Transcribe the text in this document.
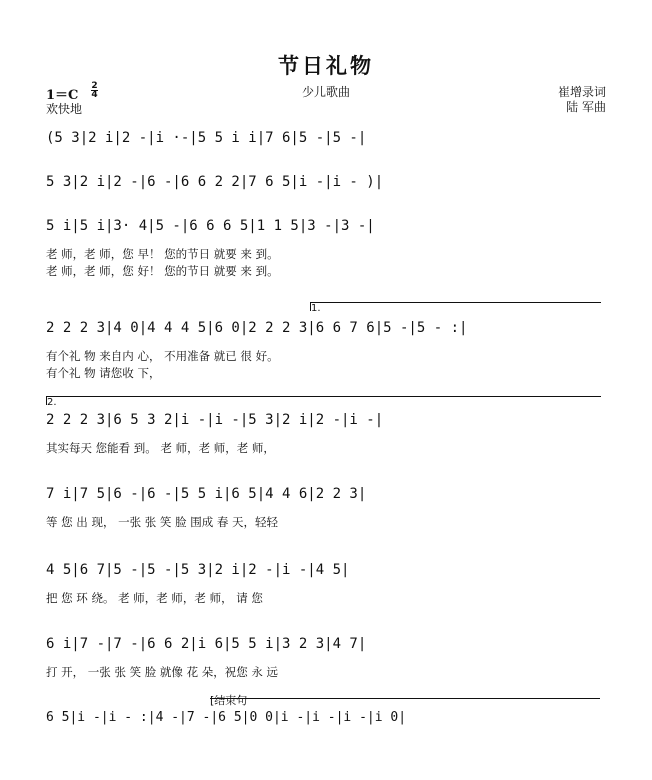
节日礼物
少儿歌曲
1＝C
2
4
欢快地
崔增录词
陆 军曲
(5 3|2 i|2 -|i ·-|5 5 i i|7 6|5 -|5 -|
5 3|2 i|2 -|6 -|6 6 2 2|7 6 5|i -|i - )|
5 i|5 i|3· 4|5 -|6 6 6 5|1 1 5|3 -|3 -|
老 师，老 师，您 早！ 您的节日 就要 来 到。
老 师，老 师，您 好！ 您的节日 就要 来 到。
1.
2 2 2 3|4 0|4 4 4 5|6 0|2 2 2 3|6 6 7 6|5 -|5 - :|
有个礼 物 来自内 心， 不用准备 就已 很 好。
有个礼 物 请您收 下，
2.
2 2 2 3|6 5 3 2|i -|i -|5 3|2 i|2 -|i -|
其实每天 您能看 到。 老 师，老 师，老 师，
7 i|7 5|6 -|6 -|5 5 i|6 5|4 4 6|2 2 3|
等 您 出 现， 一张 张 笑 脸 围成 春 天，轻轻
4 5|6 7|5 -|5 -|5 3|2 i|2 -|i -|4 5|
把 您 环 绕。 老 师，老 师，老 师， 请 您
6 i|7 -|7 -|6 6 2|i 6|5 5 i|3 2 3|4 7|
打 开， 一张 张 笑 脸 就像 花 朵，祝您 永 远
[结束句
6 5|i -|i - :|4 -|7 -|6 5|0 0|i -|i -|i -|i 0|
